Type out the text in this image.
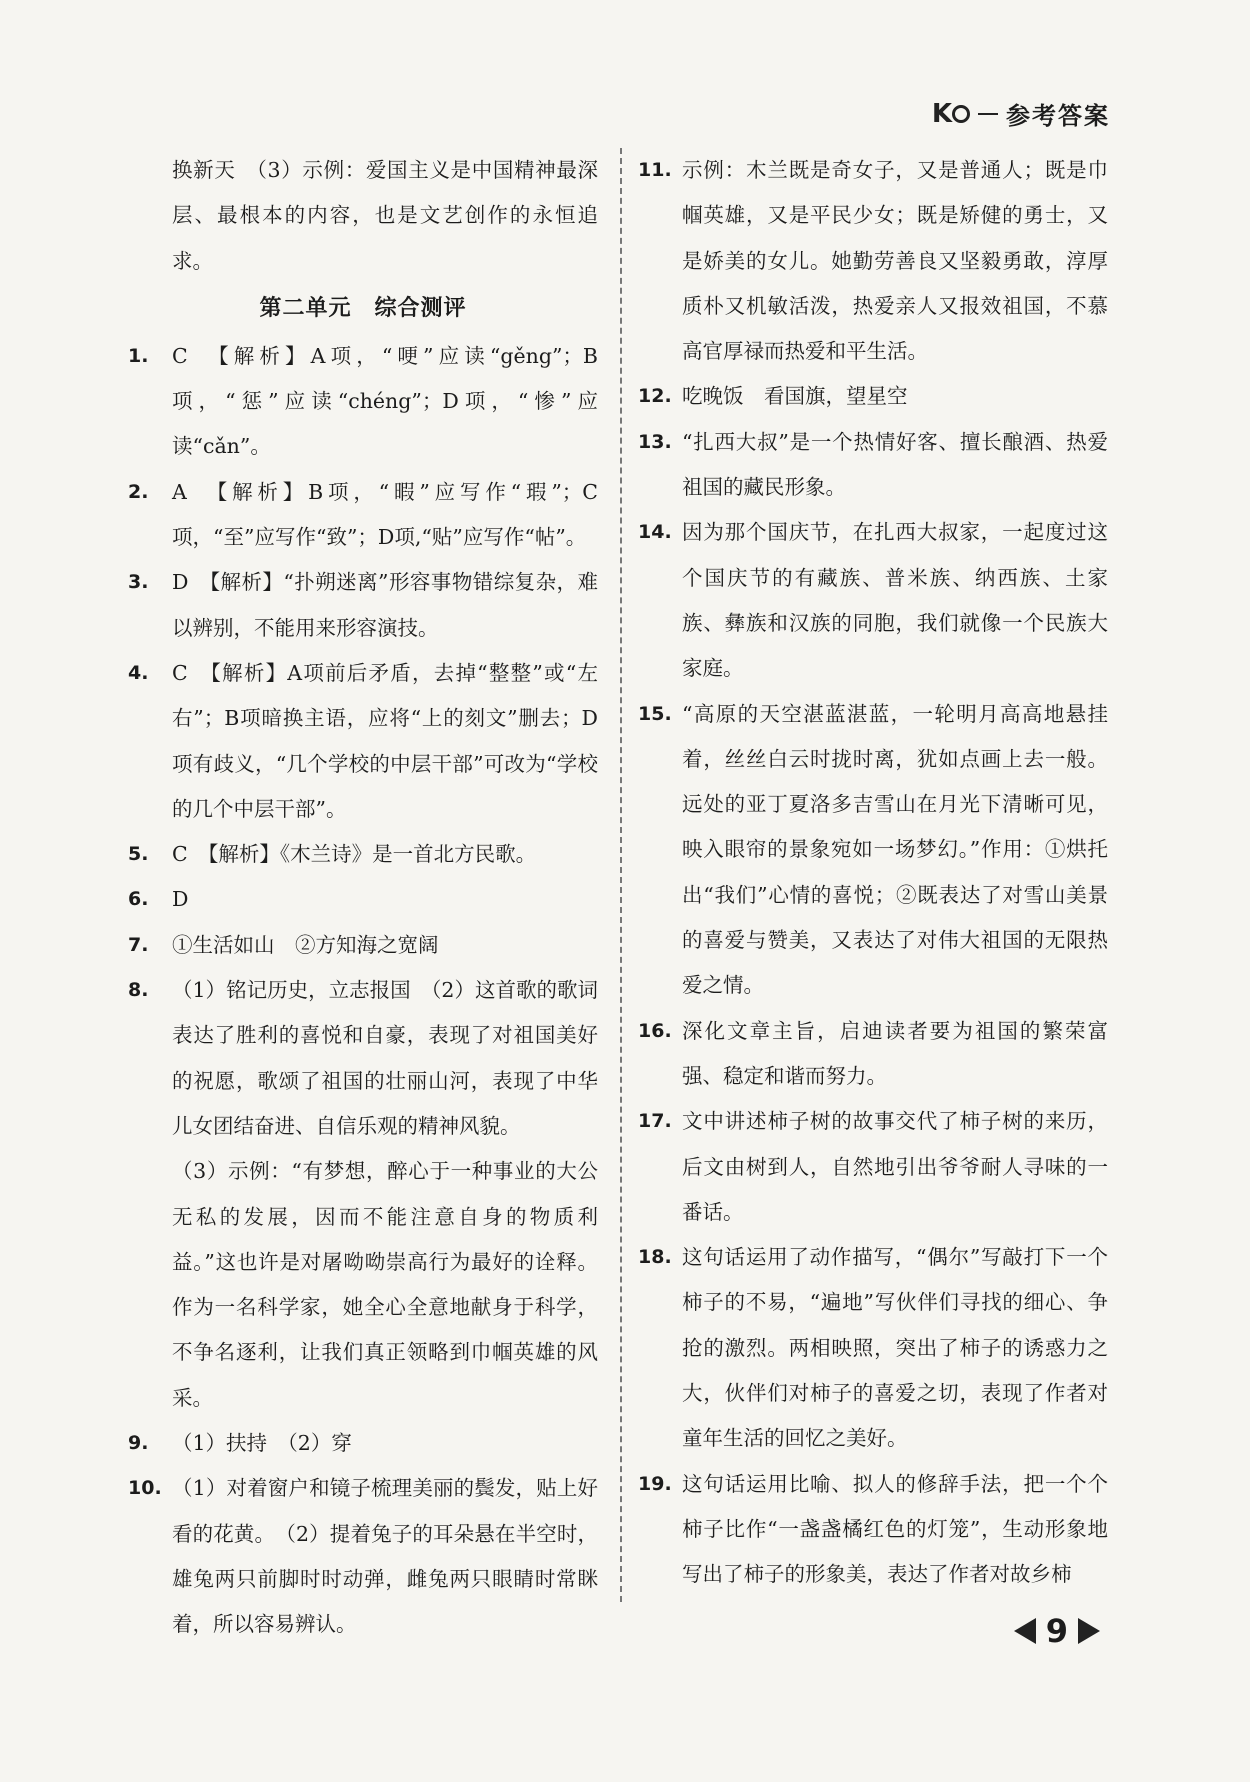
K 参考答案
换新天　（3）示例：爱国主义是中国精神最深层、最根本的内容，也是文艺创作的永恒追求。
第二单元　综合测评
1. C　【解析】A项，“哽”应读“gěng”；B项，“惩”应读“chéng”；D项，“惨”应读“cǎn”。
2. A　【解析】B项，“暇”应写作“瑕”；C项，“至”应写作“致”；D项,“贴”应写作“帖”。
3. D　【解析】“扑朔迷离”形容事物错综复杂，难以辨别，不能用来形容演技。
4. C　【解析】A项前后矛盾，去掉“整整”或“左右”；B项暗换主语，应将“上的刻文”删去；D项有歧义，“几个学校的中层干部”可改为“学校的几个中层干部”。
5. C　【解析】《木兰诗》是一首北方民歌。
6. D
7. ①生活如山　②方知海之宽阔
8. （1）铭记历史，立志报国　（2）这首歌的歌词表达了胜利的喜悦和自豪，表现了对祖国美好的祝愿，歌颂了祖国的壮丽山河，表现了中华儿女团结奋进、自信乐观的精神风貌。
（3）示例：“有梦想，醉心于一种事业的大公无私的发展，因而不能注意自身的物质利益。”这也许是对屠呦呦崇高行为最好的诠释。作为一名科学家，她全心全意地献身于科学，不争名逐利，让我们真正领略到巾帼英雄的风采。
9. （1）扶持　（2）穿
10. （1）对着窗户和镜子梳理美丽的鬓发，贴上好看的花黄。　（2）提着兔子的耳朵悬在半空时，雄兔两只前脚时时动弹，雌兔两只眼睛时常眯着，所以容易辨认。
11. 示例：木兰既是奇女子，又是普通人；既是巾帼英雄，又是平民少女；既是矫健的勇士，又是娇美的女儿。她勤劳善良又坚毅勇敢，淳厚质朴又机敏活泼，热爱亲人又报效祖国，不慕高官厚禄而热爱和平生活。
12. 吃晚饭　看国旗，望星空
13. “扎西大叔”是一个热情好客、擅长酿酒、热爱祖国的藏民形象。
14. 因为那个国庆节，在扎西大叔家，一起度过这个国庆节的有藏族、普米族、纳西族、土家族、彝族和汉族的同胞，我们就像一个民族大家庭。
15. “高原的天空湛蓝湛蓝，一轮明月高高地悬挂着，丝丝白云时拢时离，犹如点画上去一般。远处的亚丁夏洛多吉雪山在月光下清晰可见，映入眼帘的景象宛如一场梦幻。”作用：①烘托出“我们”心情的喜悦；②既表达了对雪山美景的喜爱与赞美，又表达了对伟大祖国的无限热爱之情。
16. 深化文章主旨，启迪读者要为祖国的繁荣富强、稳定和谐而努力。
17. 文中讲述柿子树的故事交代了柿子树的来历，后文由树到人，自然地引出爷爷耐人寻味的一番话。
18. 这句话运用了动作描写，“偶尔”写敲打下一个柿子的不易，“遍地”写伙伴们寻找的细心、争抢的激烈。两相映照，突出了柿子的诱惑力之大，伙伴们对柿子的喜爱之切，表现了作者对童年生活的回忆之美好。
19. 这句话运用比喻、拟人的修辞手法，把一个个柿子比作“一盏盏橘红色的灯笼”，生动形象地写出了柿子的形象美，表达了作者对故乡柿
9
